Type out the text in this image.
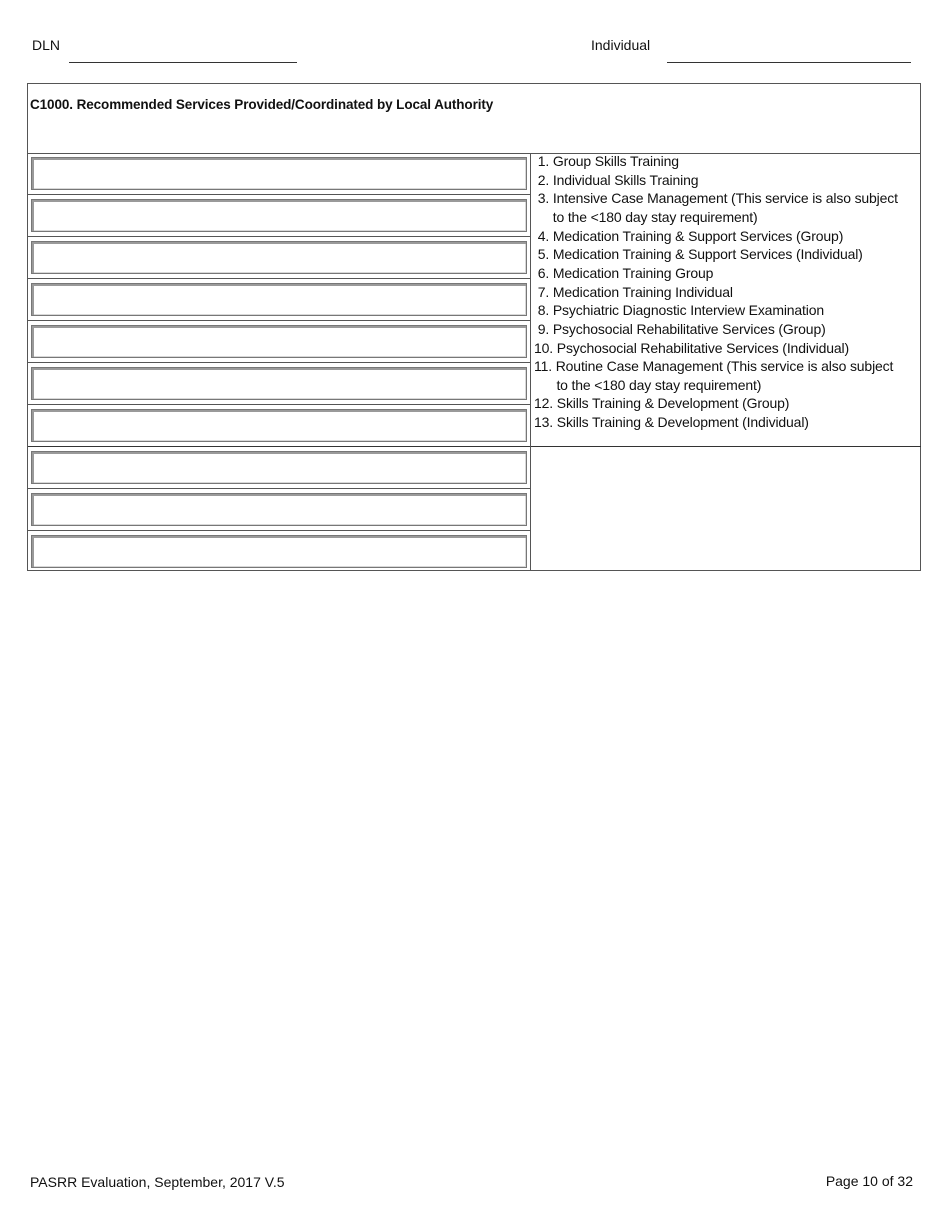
DLN	Individual
C1000. Recommended Services Provided/Coordinated by Local Authority
1. Group Skills Training
2. Individual Skills Training
3. Intensive Case Management (This service is also subject
to the <180 day stay requirement)
4. Medication Training & Support Services (Group)
5. Medication Training & Support Services (Individual)
6. Medication Training Group
7. Medication Training Individual
8. Psychiatric Diagnostic Interview Examination
9. Psychosocial Rehabilitative Services (Group)
10. Psychosocial Rehabilitative Services (Individual)
11. Routine Case Management (This service is also subject
to the <180 day stay requirement)
12. Skills Training & Development (Group)
13. Skills Training & Development (Individual)
PASRR Evaluation, September, 2017 V.5	Page 10 of 32
